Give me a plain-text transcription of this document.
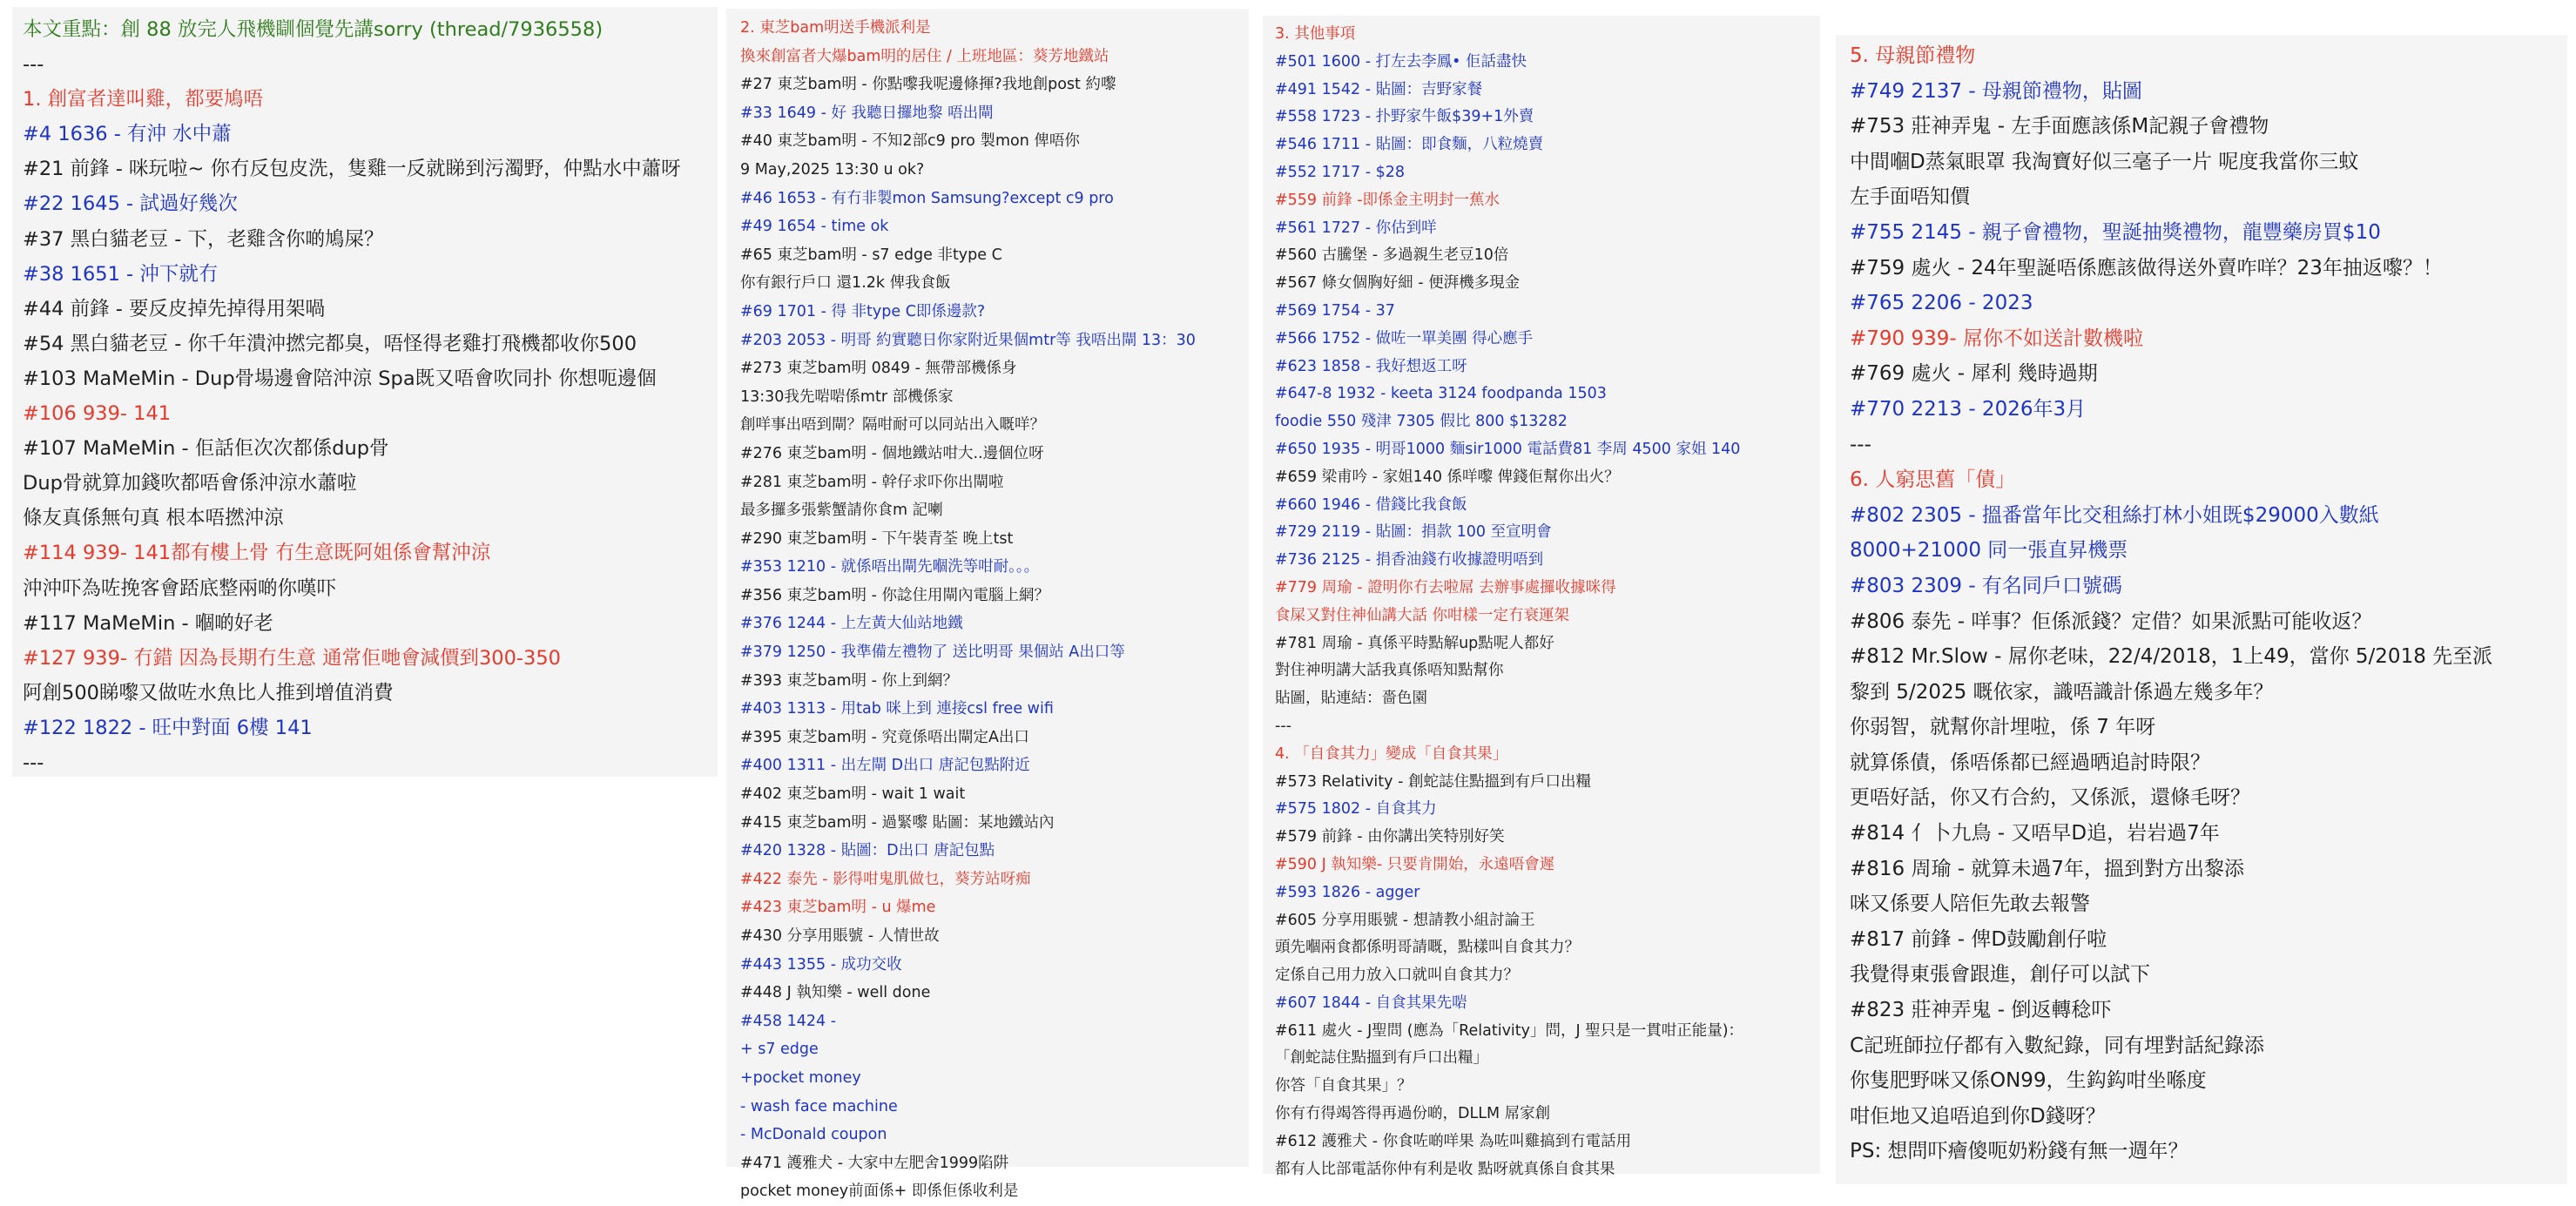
本文重點：創 88 放完人飛機瞓個覺先講sorry (thread/7936558)
---
1. 創富者達叫雞，都要鳩唔
#4 1636 - 有沖 水中蕭
#21 前鋒 - 咪玩啦~ 你冇反包皮洗，隻雞一反就睇到污濁野，仲點水中蕭呀
#22 1645 - 試過好幾次
#37 黑白貓老豆 - 下，老雞含你啲鳩屎？
#38 1651 - 沖下就冇
#44 前鋒 - 要反皮掉先掉得用架喎
#54 黑白貓老豆 - 你千年潰沖撚完都臭，唔怪得老雞打飛機都收你500
#103 MaMeMin - Dup骨場邊會陪沖涼 Spa既又唔會吹同扑 你想呃邊個
#106 939- 141
#107 MaMeMin - 佢話佢次次都係dup骨
Dup骨就算加錢吹都唔會係沖涼水蕭啦
條友真係無句真 根本唔撚沖涼
#114 939- 141都有樓上骨 冇生意既阿姐係會幫沖涼
沖沖吓為咗挽客會踎底整兩啲你嘆吓
#117 MaMeMin - 嗰啲好老
#127 939- 冇錯 因為長期冇生意 通常佢哋會減價到300-350
阿創500睇嚟又做咗水魚比人推到增值消費
#122 1822 - 旺中對面 6樓 141
---
2. 東芝bam明送手機派利是
換來創富者大爆bam明的居住 / 上班地區：葵芳地鐵站
#27 東芝bam明 - 你點嚟我呢邊條揮?我地創post 約嚟
#33 1649 - 好 我聽日攞地黎 唔出閘
#40 東芝bam明 - 不知2部c9 pro 製mon 俾唔你
9 May,2025 13:30 u ok?
#46 1653 - 有冇非製mon Samsung?except c9 pro
#49 1654 - time ok
#65 東芝bam明 - s7 edge 非type C
你有銀行戶口 還1.2k 俾我食飯
#69 1701 - 得 非type C即係邊款?
#203 2053 - 明哥 約實聽日你家附近果個mtr等 我唔出閘 13：30
#273 東芝bam明 0849 - 無帶部機係身
13:30我先啱啱係mtr 部機係家
創咩事出唔到閘？隔咁耐可以同站出入嘅咩？
#276 東芝bam明 - 個地鐵站咁大..邊個位呀
#281 東芝bam明 - 幹仔求吓你出閘啦
最多攞多張紫蟹請你食m 記喇
#290 東芝bam明 - 下午裝青荃 晚上tst
#353 1210 - 就係唔出閘先嗰洗等咁耐。。。
#356 東芝bam明 - 你諗住用閘內電腦上網？
#376 1244 - 上左黃大仙站地鐵
#379 1250 - 我準備左禮物了 送比明哥 果個站 A出口等
#393 東芝bam明 - 你上到網？
#403 1313 - 用tab 咪上到 連接csl free wifi
#395 東芝bam明 - 究竟係唔出閘定A出口
#400 1311 - 出左閘 D出口 唐記包點附近
#402 東芝bam明 - wait 1 wait
#415 東芝bam明 - 過緊嚟 貼圖：某地鐵站內
#420 1328 - 貼圖：D出口 唐記包點
#422 泰先 - 影得咁鬼肌做乜，葵芳站呀痴
#423 東芝bam明 - u 爆me
#430 分享用賬號 - 人情世故
#443 1355 - 成功交收
#448 J 執知樂 - well done
#458 1424 -
+ s7 edge
+pocket money
- wash face machine
- McDonald coupon
#471 護雅犬 - 大家中左肥舍1999陷阱
pocket money前面係+ 即係佢係收利是
3. 其他事項
#501 1600 - 打左去李鳳• 佢話盡快
#491 1542 - 貼圖：吉野家餐
#558 1723 - 扑野家牛飯$39+1外賣
#546 1711 - 貼圖：即食麵，八粒燒賣
#552 1717 - $28
#559 前鋒 -即係金主明封一蕉水
#561 1727 - 你估到咩
#560 古騰堡 - 多過親生老豆10倍
#567 條女個胸好細 - 便湃機多現金
#569 1754 - 37
#566 1752 - 做咗一單美團 得心應手
#623 1858 - 我好想返工呀
#647-8 1932 - keeta 3124 foodpanda 1503
foodie 550 殘津 7305 假比 800 $13282
#650 1935 - 明哥1000 麵sir1000 電話費81 李周 4500 家姐 140
#659 梁甫吟 - 家姐140 係咩嚟 俾錢佢幫你出火？
#660 1946 - 借錢比我食飯
#729 2119 - 貼圖：捐款 100 至宣明會
#736 2125 - 捐香油錢冇收據證明唔到
#779 周瑜 - 證明你冇去啦屌 去辦事處攞收據咪得
食屎又對住神仙講大話 你咁樣一定冇衰運架
#781 周瑜 - 真係平時點解up點呢人都好
對住神明講大話我真係唔知點幫你
貼圖，貼連結：嗇色園
---
4. 「自食其力」變成「自食其果」
#573 Relativity - 創蛇誌住點搵到有戶口出糧
#575 1802 - 自食其力
#579 前鋒 - 由你講出笑特別好笑
#590 J 執知樂- 只要肯開始，永遠唔會遲
#593 1826 - agger
#605 分享用賬號 - 想請教小組討論王
頭先嗰兩食都係明哥請嘅，點樣叫自食其力？
定係自己用力放入口就叫自食其力？
#607 1844 - 自食其果先啱
#611 處火 - J聖問 (應為「Relativity」問，J 聖只是一貫咁正能量)：
「創蛇誌住點搵到有戶口出糧」
你答「自食其果」？
你有冇得竭答得再過份啲，DLLM 屌家創
#612 護雅犬 - 你食咗啲咩果 為咗叫雞搞到冇電話用
都有人比部電話你仲有利是收 點呀就真係自食其果
5. 母親節禮物
#749 2137 - 母親節禮物，貼圖
#753 莊神弄鬼 - 左手面應該係M記親子會禮物
中間嗰D蒸氣眼罩 我淘寶好似三毫子一片 呢度我當你三蚊
左手面唔知價
#755 2145 - 親子會禮物，聖誕抽獎禮物，龍豐藥房買$10
#759 處火 - 24年聖誕唔係應該做得送外賣咋咩？23年抽返嚟？！
#765 2206 - 2023
#790 939- 屌你不如送計數機啦
#769 處火 - 犀利 幾時過期
#770 2213 - 2026年3月
---
6. 人窮思舊「債」
#802 2305 - 搵番當年比交租絲打林小姐既$29000入數紙
8000+21000 同一張直昇機票
#803 2309 - 有名同戶口號碼
#806 泰先 - 咩事？佢係派錢？定借？如果派點可能收返？
#812 Mr.Slow - 屌你老味，22/4/2018，1上49，當你 5/2018 先至派
黎到 5/2025 嘅依家，識唔識計係過左幾多年？
你弱智，就幫你計埋啦，係 7 年呀
就算係債，係唔係都已經過晒追討時限？
更唔好話，你又冇合約，又係派，還條毛呀？
#814 亻卜九鳥 - 又唔早D追，岩岩過7年
#816 周瑜 - 就算未過7年，搵到對方出黎添
咪又係要人陪佢先敢去報警
#817 前鋒 - 俾D鼓勵創仔啦
我覺得東張會跟進，創仔可以試下
#823 莊神弄鬼 - 倒返轉稔吓
C記班師拉仔都有入數紀錄，同有埋對話紀錄添
你隻肥野咪又係ON99，生鈎鈎咁坐喺度
咁佢地又追唔追到你D錢呀？
PS: 想問吓癐傻呃奶粉錢有無一週年？
